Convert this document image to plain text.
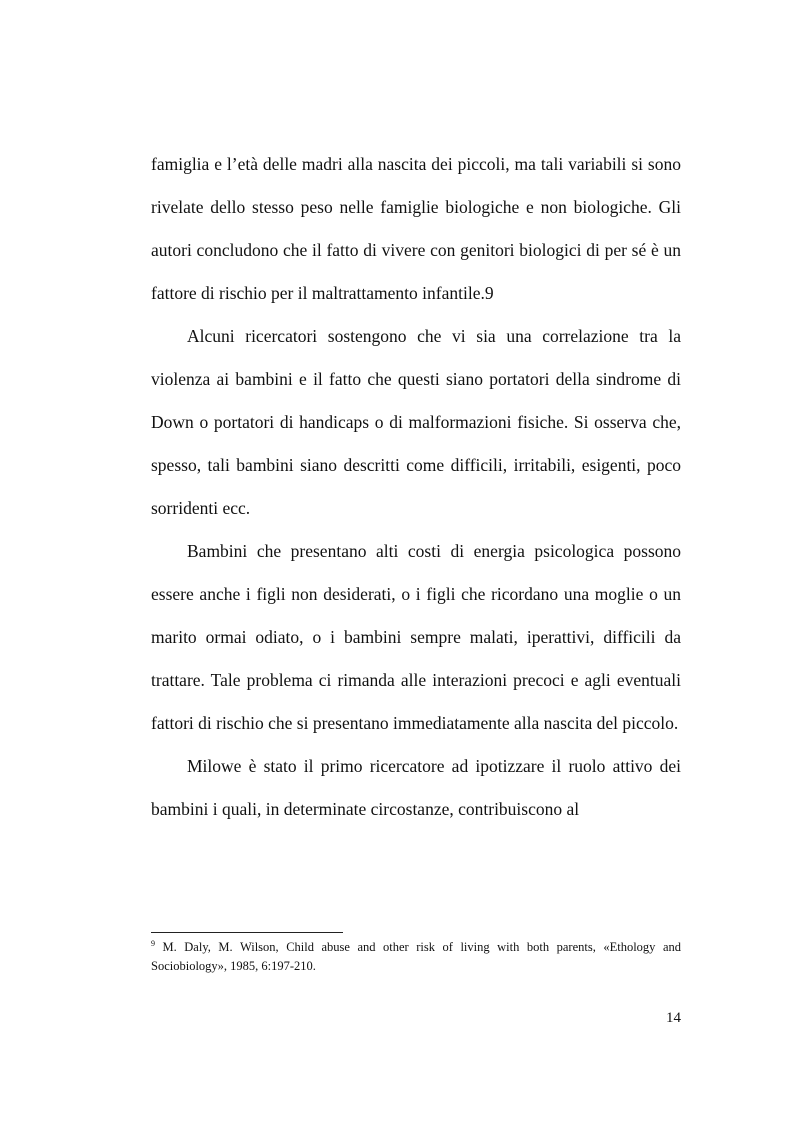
famiglia e l’età delle madri alla nascita dei piccoli, ma tali variabili si sono rivelate dello stesso peso nelle famiglie biologiche e non biologiche. Gli autori concludono che il fatto di vivere con genitori biologici di per sé è un fattore di rischio per il maltrattamento infantile.9

Alcuni ricercatori sostengono che vi sia una correlazione tra la violenza ai bambini e il fatto che questi siano portatori della sindrome di Down o portatori di handicaps o di malformazioni fisiche. Si osserva che, spesso, tali bambini siano descritti come difficili, irritabili, esigenti, poco sorridenti ecc.

Bambini che presentano alti costi di energia psicologica possono essere anche i figli non desiderati, o i figli che ricordano una moglie o un marito ormai odiato, o i bambini sempre malati, iperattivi, difficili da trattare. Tale problema ci rimanda alle interazioni precoci e agli eventuali fattori di rischio che si presentano immediatamente alla nascita del piccolo.

Milowe è stato il primo ricercatore ad ipotizzare il ruolo attivo dei bambini i quali, in determinate circostanze, contribuiscono al

$^9$ M. Daly, M. Wilson, Child abuse and other risk of living with both parents, «Ethology and Sociobiology», 1985, 6:197-210.
14
